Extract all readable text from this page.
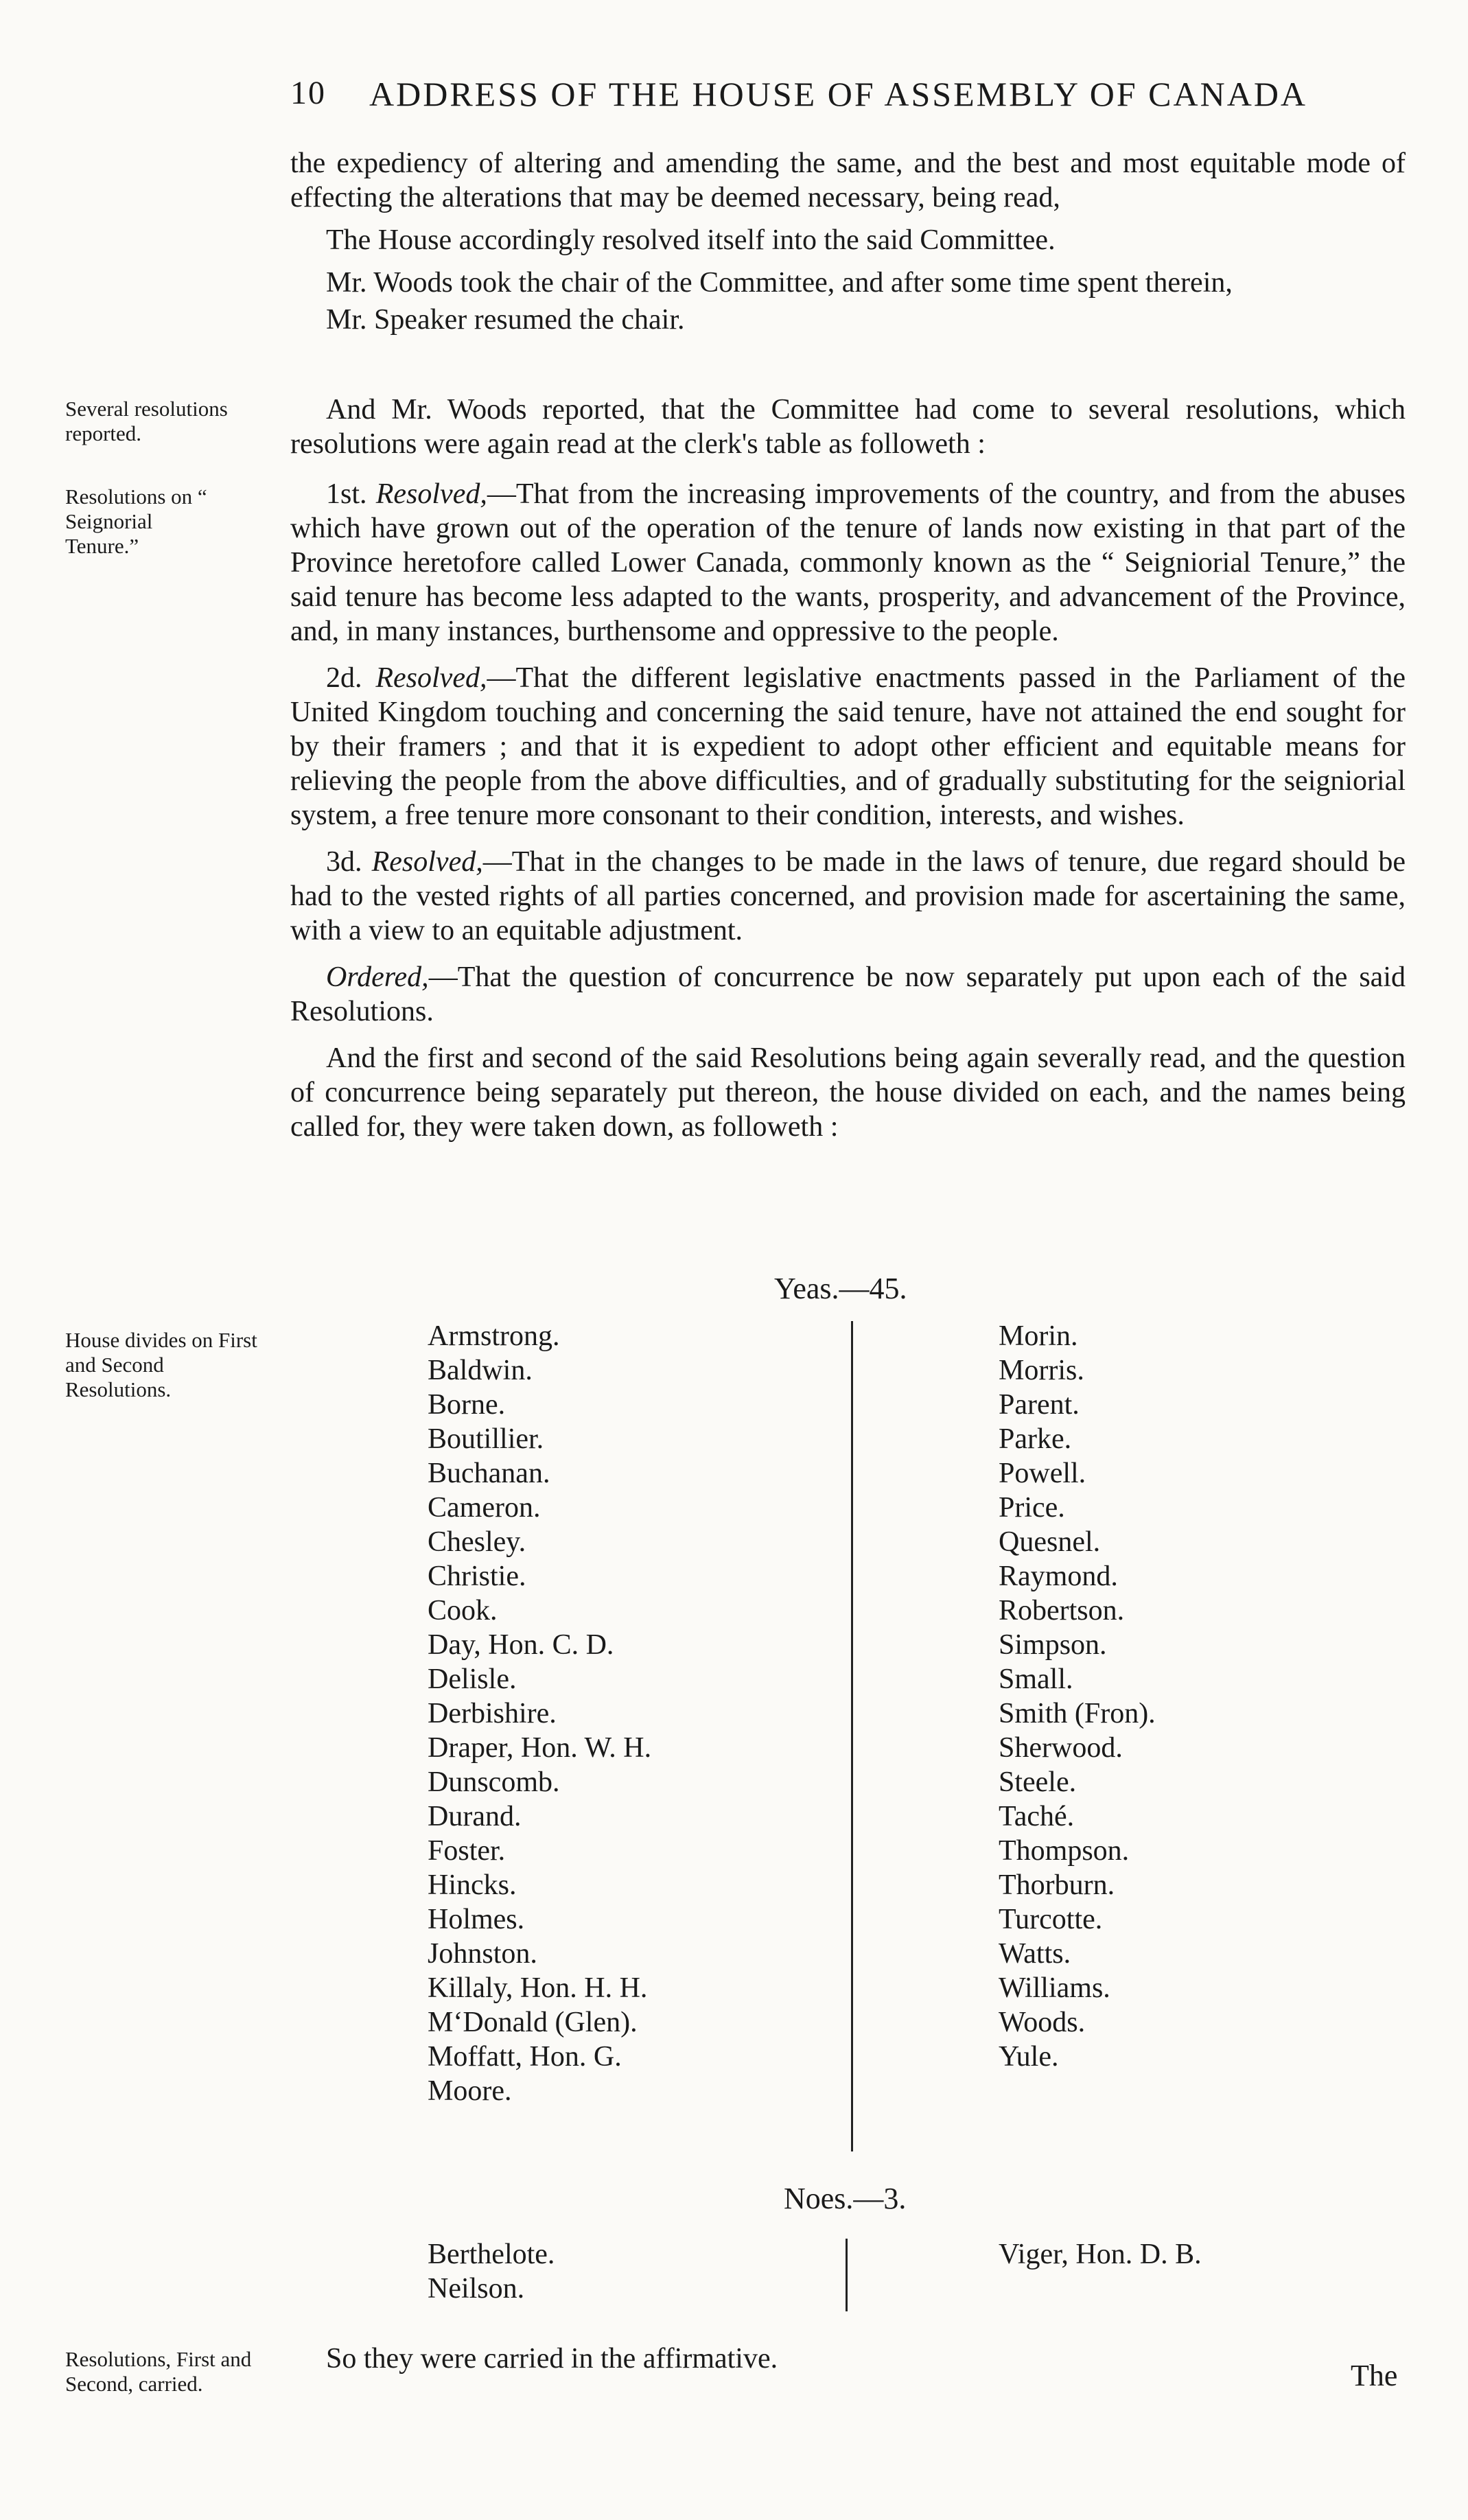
10 ADDRESS OF THE HOUSE OF ASSEMBLY OF CANADA

the expediency of altering and amending the same, and the best and most equitable mode of effecting the alterations that may be deemed necessary, being read,

The House accordingly resolved itself into the said Committee.

Mr. Woods took the chair of the Committee, and after some time spent therein,

Mr. Speaker resumed the chair.

And Mr. Woods reported, that the Committee had come to several resolutions, which resolutions were again read at the clerk's table as followeth :

1st. Resolved,—That from the increasing improvements of the country, and from the abuses which have grown out of the operation of the tenure of lands now existing in that part of the Province heretofore called Lower Canada, commonly known as the “ Seigniorial Tenure,” the said tenure has become less adapted to the wants, prosperity, and advancement of the Province, and, in many instances, burthensome and oppressive to the people.

2d. Resolved,—That the different legislative enactments passed in the Parliament of the United Kingdom touching and concerning the said tenure, have not attained the end sought for by their framers ; and that it is expedient to adopt other efficient and equitable means for relieving the people from the above difficulties, and of gradually substituting for the seigniorial system, a free tenure more consonant to their condition, interests, and wishes.

3d. Resolved,—That in the changes to be made in the laws of tenure, due regard should be had to the vested rights of all parties concerned, and provision made for ascertaining the same, with a view to an equitable adjustment.

Ordered,—That the question of concurrence be now separately put upon each of the said Resolutions.

And the first and second of the said Resolutions being again severally read, and the question of concurrence being separately put thereon, the house divided on each, and the names being called for, they were taken down, as followeth :

Several resolutions reported.
Resolutions on “ Seignorial Tenure.”
House divides on First and Second Resolutions.
Resolutions, First and Second, carried.
Yeas.—45.
Armstrong.
Baldwin.
Borne.
Boutillier.
Buchanan.
Cameron.
Chesley.
Christie.
Cook.
Day, Hon. C. D.
Delisle.
Derbishire.
Draper, Hon. W. H.
Dunscomb.
Durand.
Foster.
Hincks.
Holmes.
Johnston.
Killaly, Hon. H. H.
M‘Donald (Glen).
Moffatt, Hon. G.
Moore.
Morin.
Morris.
Parent.
Parke.
Powell.
Price.
Quesnel.
Raymond.
Robertson.
Simpson.
Small.
Smith (Fron).
Sherwood.
Steele.
Taché.
Thompson.
Thorburn.
Turcotte.
Watts.
Williams.
Woods.
Yule.
Noes.—3.
Berthelote.
Neilson.
Viger, Hon. D. B.

So they were carried in the affirmative.	The
